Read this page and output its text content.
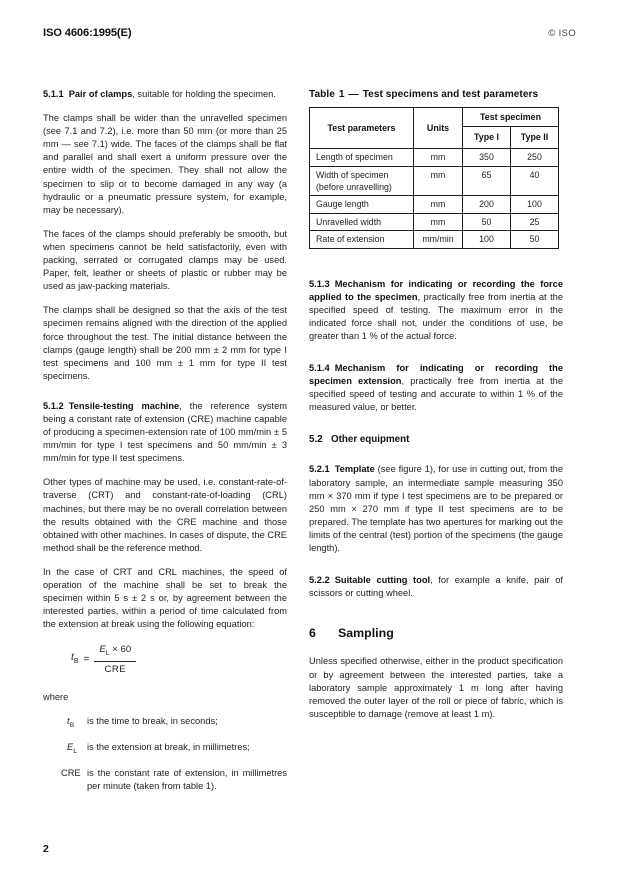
ISO 4606:1995(E)	© ISO

5.1.1 Pair of clamps, suitable for holding the specimen.

The clamps shall be wider than the unravelled specimen (see 7.1 and 7.2), i.e. more than 50 mm (or more than 25 mm — see 7.1) wide. The faces of the clamps shall be flat and parallel and shall exert a uniform pressure over the entire width of the specimen. They shall not allow the specimen to slip or to become damaged in any way (a hydraulic or a pneumatic pressure system, for example, may be necessary).

The faces of the clamps should preferably be smooth, but when specimens cannot be held satisfactorily, even with packing, serrated or corrugated clamps may be used. Paper, felt, leather or sheets of plastic or rubber may be used as jaw-packing materials.

The clamps shall be designed so that the axis of the test specimen remains aligned with the direction of the applied force throughout the test. The initial distance between the clamps (gauge length) shall be 200 mm ± 2 mm for type I test specimens and 100 mm ± 1 mm for type II test specimens.

5.1.2 Tensile-testing machine, the reference system being a constant rate of extension (CRE) machine capable of producing a specimen-extension rate of 100 mm/min ± 5 mm/min for type I test specimens and 50 mm/min ± 3 mm/min for type II test specimens.

Other types of machine may be used, i.e. constant-rate-of-traverse (CRT) and constant-rate-of-loading (CRL) machines, but there may be no overall correlation between the results obtained with the CRE machine and those obtained with other machines. In cases of dispute, the CRE method shall be the reference method.

In the case of CRT and CRL machines, the speed of operation of the machine shall be set to break the specimen within 5 s ± 2 s or, by agreement between the interested parties, within a period of time calculated from the extension at break using the following equation:

$t_B = \frac{E_L \times 60}{\text{CRE}}$

where

$t_B$	is the time to break, in seconds;
$E_L$	is the extension at break, in millimetres;
CRE is the constant rate of extension, in millimetres per minute (taken from table 1).
Table 1 — Test specimens and test parameters
Test parameters	Units	Test specimen	
		Type I	Type II
Length of specimen	mm	350	250
Width of specimen (before unravelling)	mm	65	40
Gauge length	mm	200	100
Unravelled width	mm	50	25
Rate of extension	mm/min	100	50

5.1.3 Mechanism for indicating or recording the force applied to the specimen, practically free from inertia at the specified speed of testing. The maximum error in the indicated force shall not, under the conditions of use, be greater than 1 % of the actual force.

5.1.4 Mechanism for indicating or recording the specimen extension, practically free from inertia at the specified speed of testing and accurate to within 1 % of the measured value, or better.

5.2 Other equipment

5.2.1 Template (see figure 1), for use in cutting out, from the laboratory sample, an intermediate sample measuring 350 mm × 370 mm if type I test specimens are to be prepared or 250 mm × 270 mm if type II test specimens are to be prepared. The template has two apertures for marking out the limits of the central (test) portion of the specimens (the gauge length).

5.2.2 Suitable cutting tool, for example a knife, pair of scissors or cutting wheel.

6 Sampling

Unless specified otherwise, either in the product specification or by agreement between the interested parties, take a laboratory sample approximately 1 m long after having removed the outer layer of the roll or piece of fabric, which is susceptible to damage (remove at least 1 m).

2
